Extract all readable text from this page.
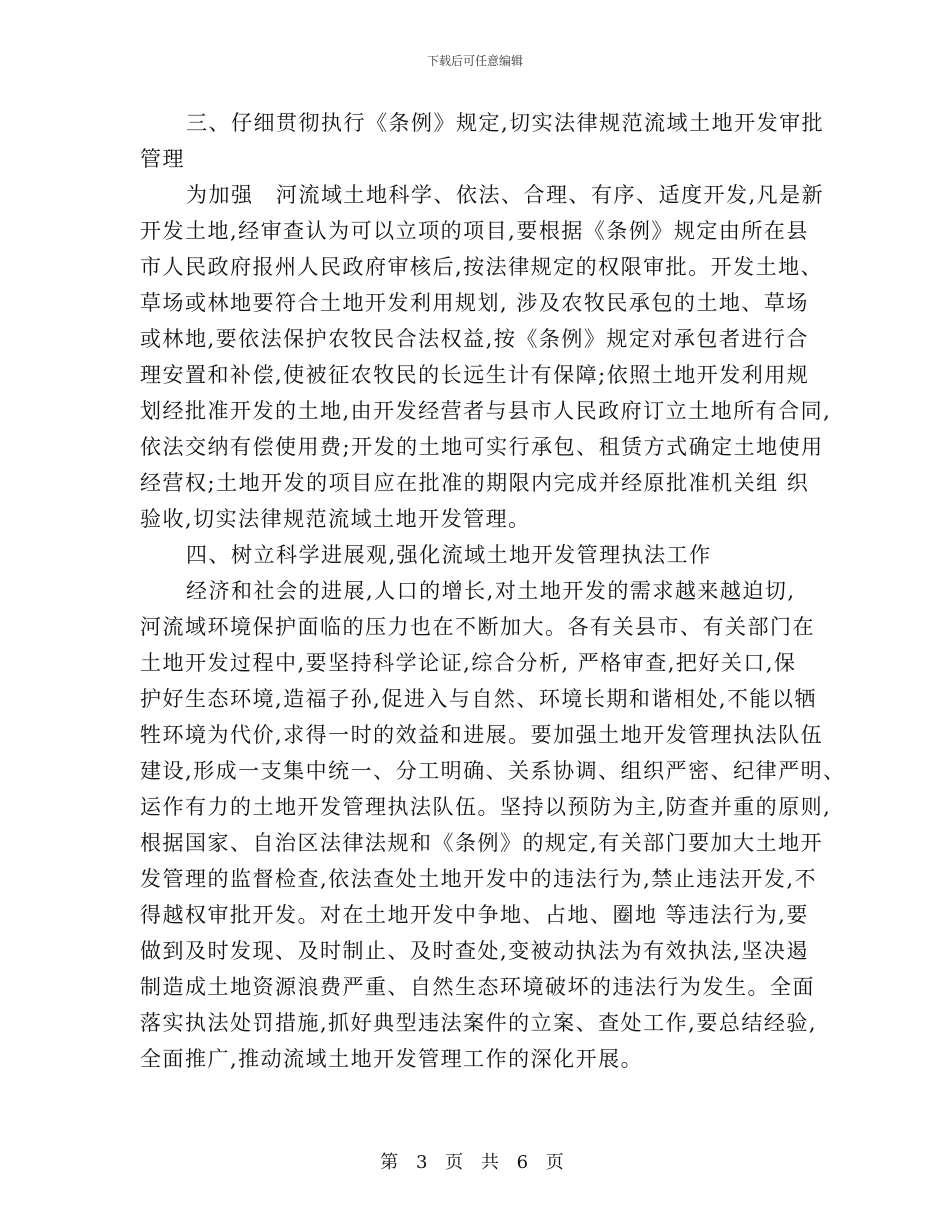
下载后可任意编辑
三、仔细贯彻执行《条例》规定,切实法律规范流域土地开发审批
管理
为加强　河流域土地科学、依法、合理、有序、适度开发,凡是新
开发土地,经审查认为可以立项的项目,要根据《条例》规定由所在县
市人民政府报州人民政府审核后,按法律规定的权限审批。开发土地、
草场或林地要符合土地开发利用规划, 涉及农牧民承包的土地、草场
或林地,要依法保护农牧民合法权益,按《条例》规定对承包者进行合
理安置和补偿,使被征农牧民的长远生计有保障;依照土地开发利用规
划经批准开发的土地,由开发经营者与县市人民政府订立土地所有合同,
依法交纳有偿使用费;开发的土地可实行承包、租赁方式确定土地使用
经营权;土地开发的项目应在批准的期限内完成并经原批准机关组 织
验收,切实法律规范流域土地开发管理。
四、树立科学进展观,强化流域土地开发管理执法工作
经济和社会的进展,人口的增长,对土地开发的需求越来越迫切,
河流域环境保护面临的压力也在不断加大。各有关县市、有关部门在
土地开发过程中,要坚持科学论证,综合分析, 严格审查,把好关口,保
护好生态环境,造福子孙,促进入与自然、环境长期和谐相处,不能以牺
牲环境为代价,求得一时的效益和进展。要加强土地开发管理执法队伍
建设,形成一支集中统一、分工明确、关系协调、组织严密、纪律严明、
运作有力的土地开发管理执法队伍。坚持以预防为主,防查并重的原则,
根据国家、自治区法律法规和《条例》的规定,有关部门要加大土地开
发管理的监督检查,依法查处土地开发中的违法行为,禁止违法开发,不
得越权审批开发。对在土地开发中争地、占地、圈地 等违法行为,要
做到及时发现、及时制止、及时查处,变被动执法为有效执法,坚决遏
制造成土地资源浪费严重、自然生态环境破坏的违法行为发生。全面
落实执法处罚措施,抓好典型违法案件的立案、查处工作,要总结经验,
全面推广,推动流域土地开发管理工作的深化开展。
第 3 页 共 6 页
